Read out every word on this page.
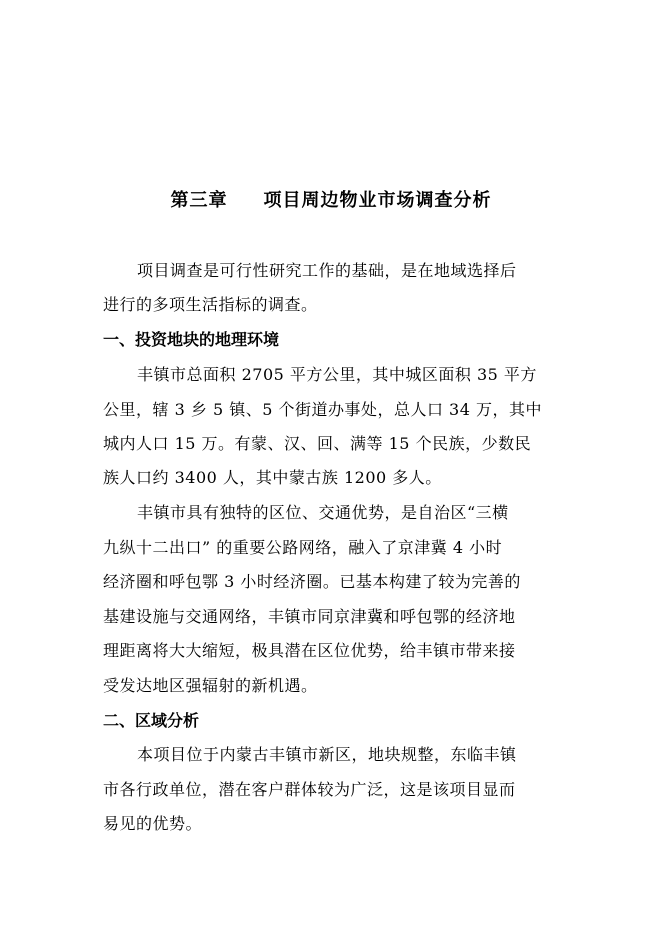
第三章 项目周边物业市场调查分析
项目调查是可行性研究工作的基础，是在地域选择后
进行的多项生活指标的调查。
一、投资地块的地理环境
丰镇市总面积 2705 平方公里，其中城区面积 35 平方
公里，辖 3 乡 5 镇、5 个街道办事处，总人口 34 万，其中
城内人口 15 万。有蒙、汉、回、满等 15 个民族，少数民
族人口约 3400 人，其中蒙古族 1200 多人。
丰镇市具有独特的区位、交通优势，是自治区“三横
九纵十二出口” 的重要公路网络，融入了京津冀 4 小时
经济圈和呼包鄂 3 小时经济圈。已基本构建了较为完善的
基建设施与交通网络，丰镇市同京津冀和呼包鄂的经济地
理距离将大大缩短，极具潜在区位优势，给丰镇市带来接
受发达地区强辐射的新机遇。
二、区域分析
本项目位于内蒙古丰镇市新区，地块规整，东临丰镇
市各行政单位，潜在客户群体较为广泛，这是该项目显而
易见的优势。
